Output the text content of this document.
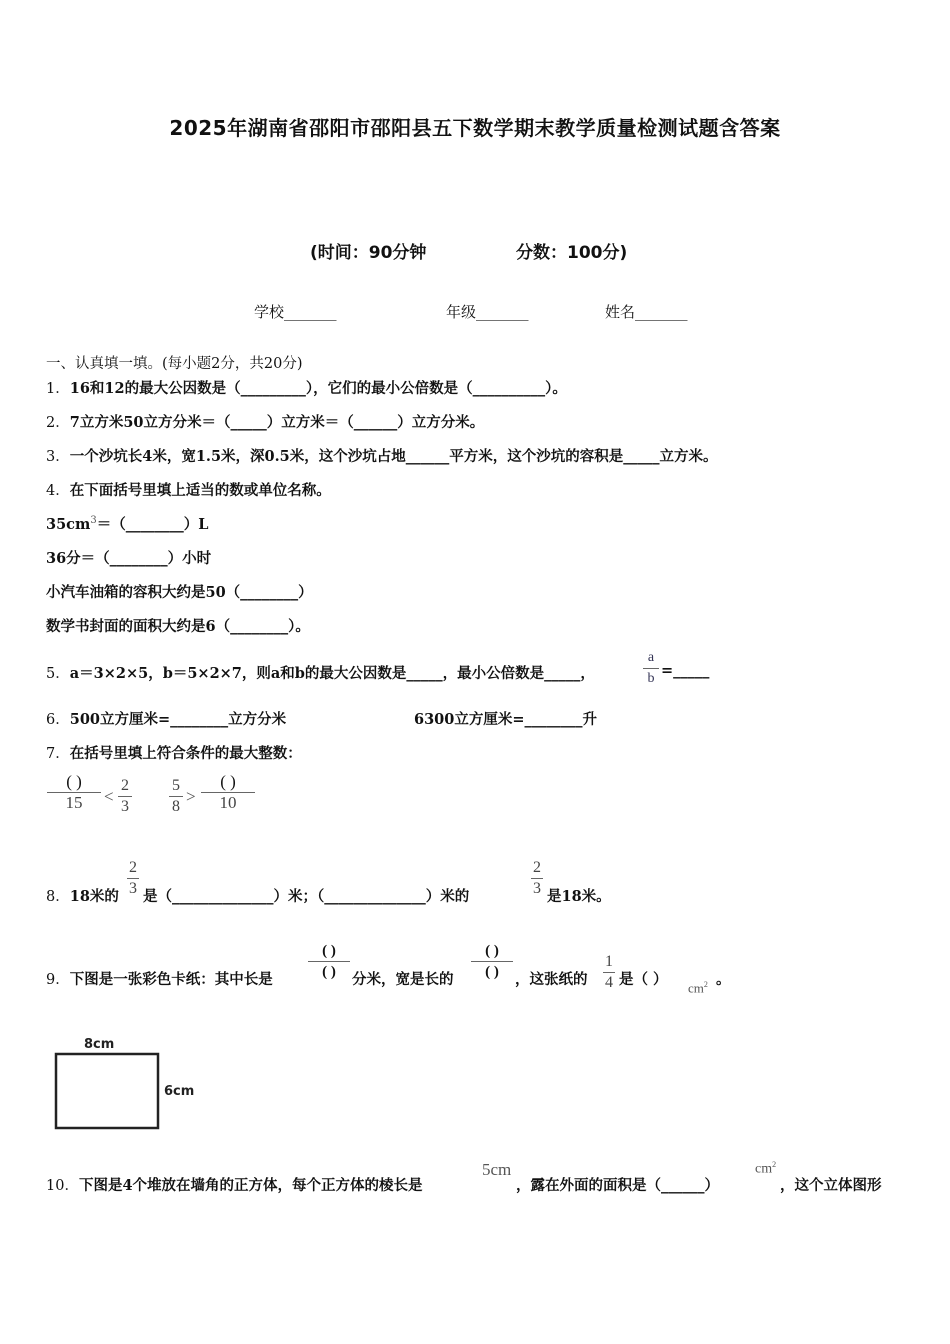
2025年湖南省邵阳市邵阳县五下数学期末教学质量检测试题含答案
(时间：90分钟	分数：100分)
学校_______	年级_______	姓名_______
一、认真填一填。(每小题2分，共20分)
1．16和12的最大公因数是（_________），它们的最小公倍数是（__________）。
2．7立方米50立方分米＝（_____）立方米＝（______）立方分米。
3．一个沙坑长4米，宽1.5米，深0.5米，这个沙坑占地______平方米，这个沙坑的容积是_____立方米。
4．在下面括号里填上适当的数或单位名称。
$35cm^3=(\_\_\_\_\_\_\_\_)L$
36分＝（________）小时
小汽车油箱的容积大约是50（________）
数学书封面的面积大约是6（________）。
5．a＝3×2×5，b＝5×2×7，则a和b的最大公因数是_____，最小公倍数是_____，	$\frac{a}{b}$ =_____
6．500立方厘米=________立方分米	6300立方厘米=________升
7．在括号里填上符合条件的最大整数：
( )
15	< $\frac{2}{3} \frac{5}{8}$ >
( )
10
8．18米的 $\frac{2}{3}$ 是（______________）米；（______________）米的	$\frac{2}{3}$ 是18米。
9．下图是一张彩色卡纸：其中长是
( )
( )	分米，宽是长的
( )
( )	，这张纸的 $\frac{1}{4}$ 是（ ） $cm^2$ 。
8cm
6cm
10．下图是4个堆放在墙角的正方体，每个正方体的棱长是
5cm
，露在外面的面积是（______）
$cm^2$
，这个立体图形
